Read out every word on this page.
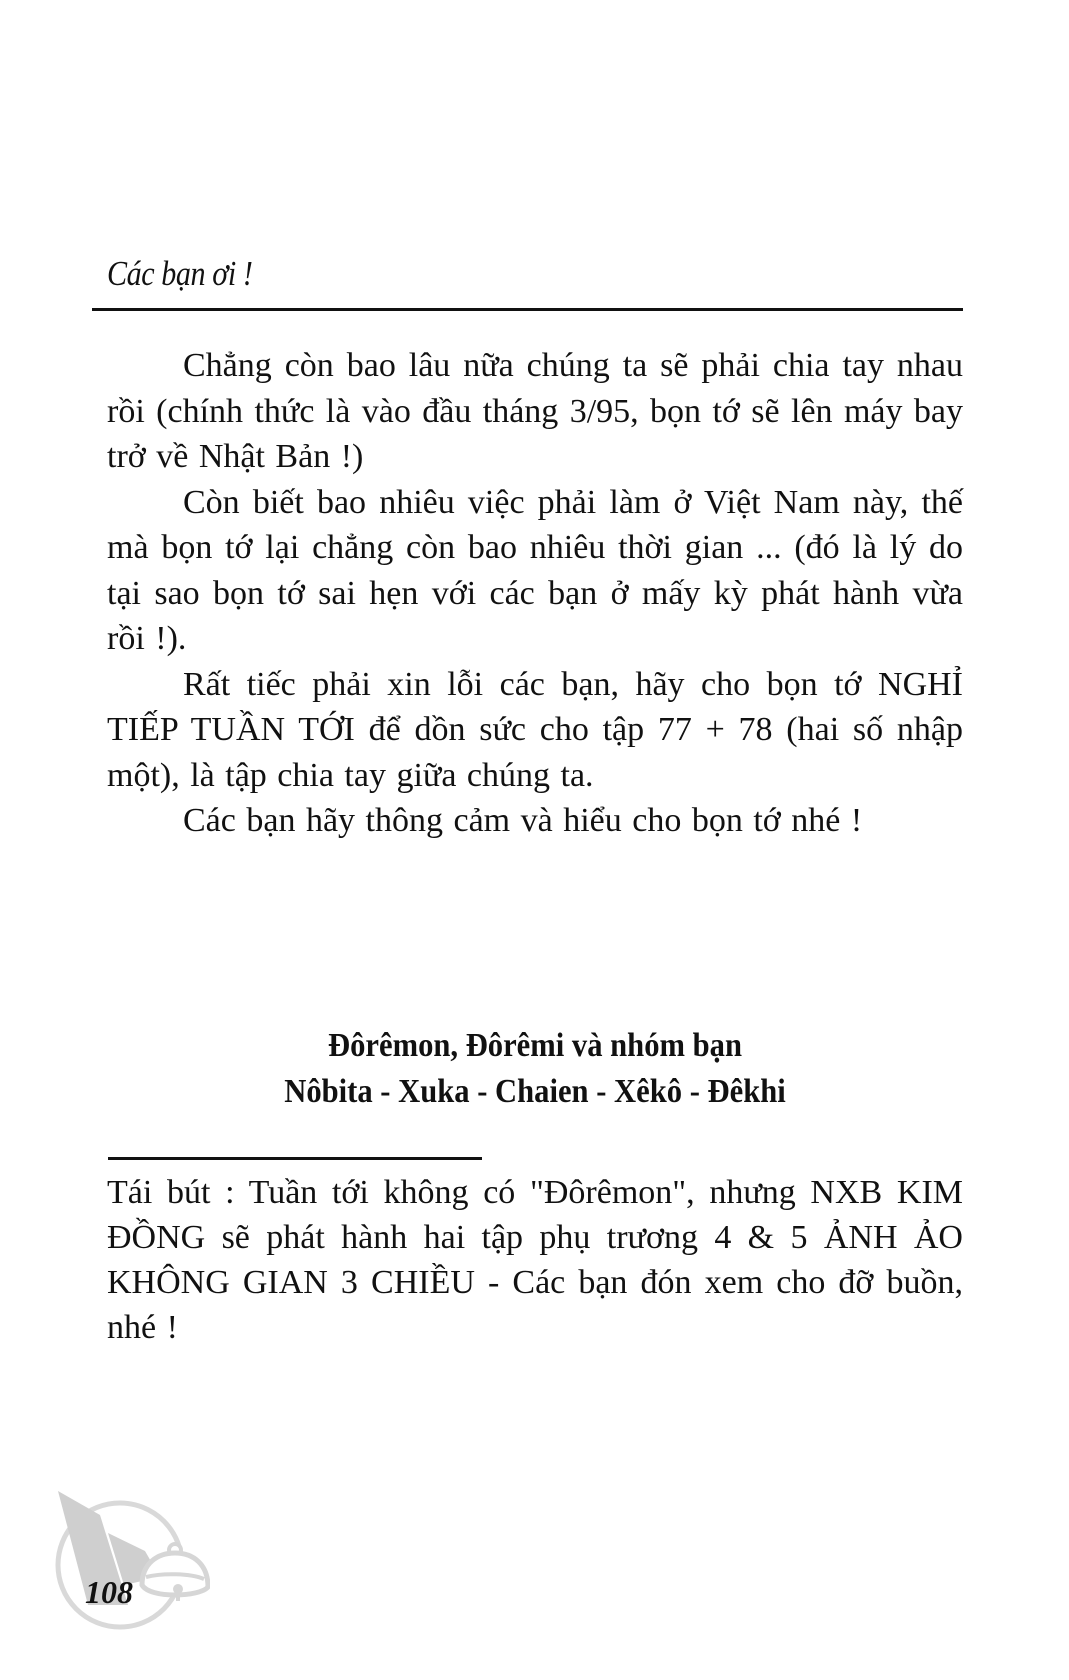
Các bạn ơi !

Chẳng còn bao lâu nữa chúng ta sẽ phải chia tay nhau rồi (chính thức là vào đầu tháng 3/95, bọn tớ sẽ lên máy bay trở về Nhật Bản !)

Còn biết bao nhiêu việc phải làm ở Việt Nam này, thế mà bọn tớ lại chẳng còn bao nhiêu thời gian ... (đó là lý do tại sao bọn tớ sai hẹn với các bạn ở mấy kỳ phát hành vừa rồi !).

Rất tiếc phải xin lỗi các bạn, hãy cho bọn tớ NGHỈ TIẾP TUẦN TỚI để dồn sức cho tập 77 + 78 (hai số nhập một), là tập chia tay giữa chúng ta.

Các bạn hãy thông cảm và hiểu cho bọn tớ nhé !

Đôrêmon, Đôrêmi và nhóm bạn
Nôbita - Xuka - Chaien - Xêkô - Đêkhi

Tái bút : Tuần tới không có "Đôrêmon", nhưng NXB KIM ĐỒNG sẽ phát hành hai tập phụ trương 4 & 5 ẢNH ẢO KHÔNG GIAN 3 CHIỀU - Các bạn đón xem cho đỡ buồn, nhé !

108
